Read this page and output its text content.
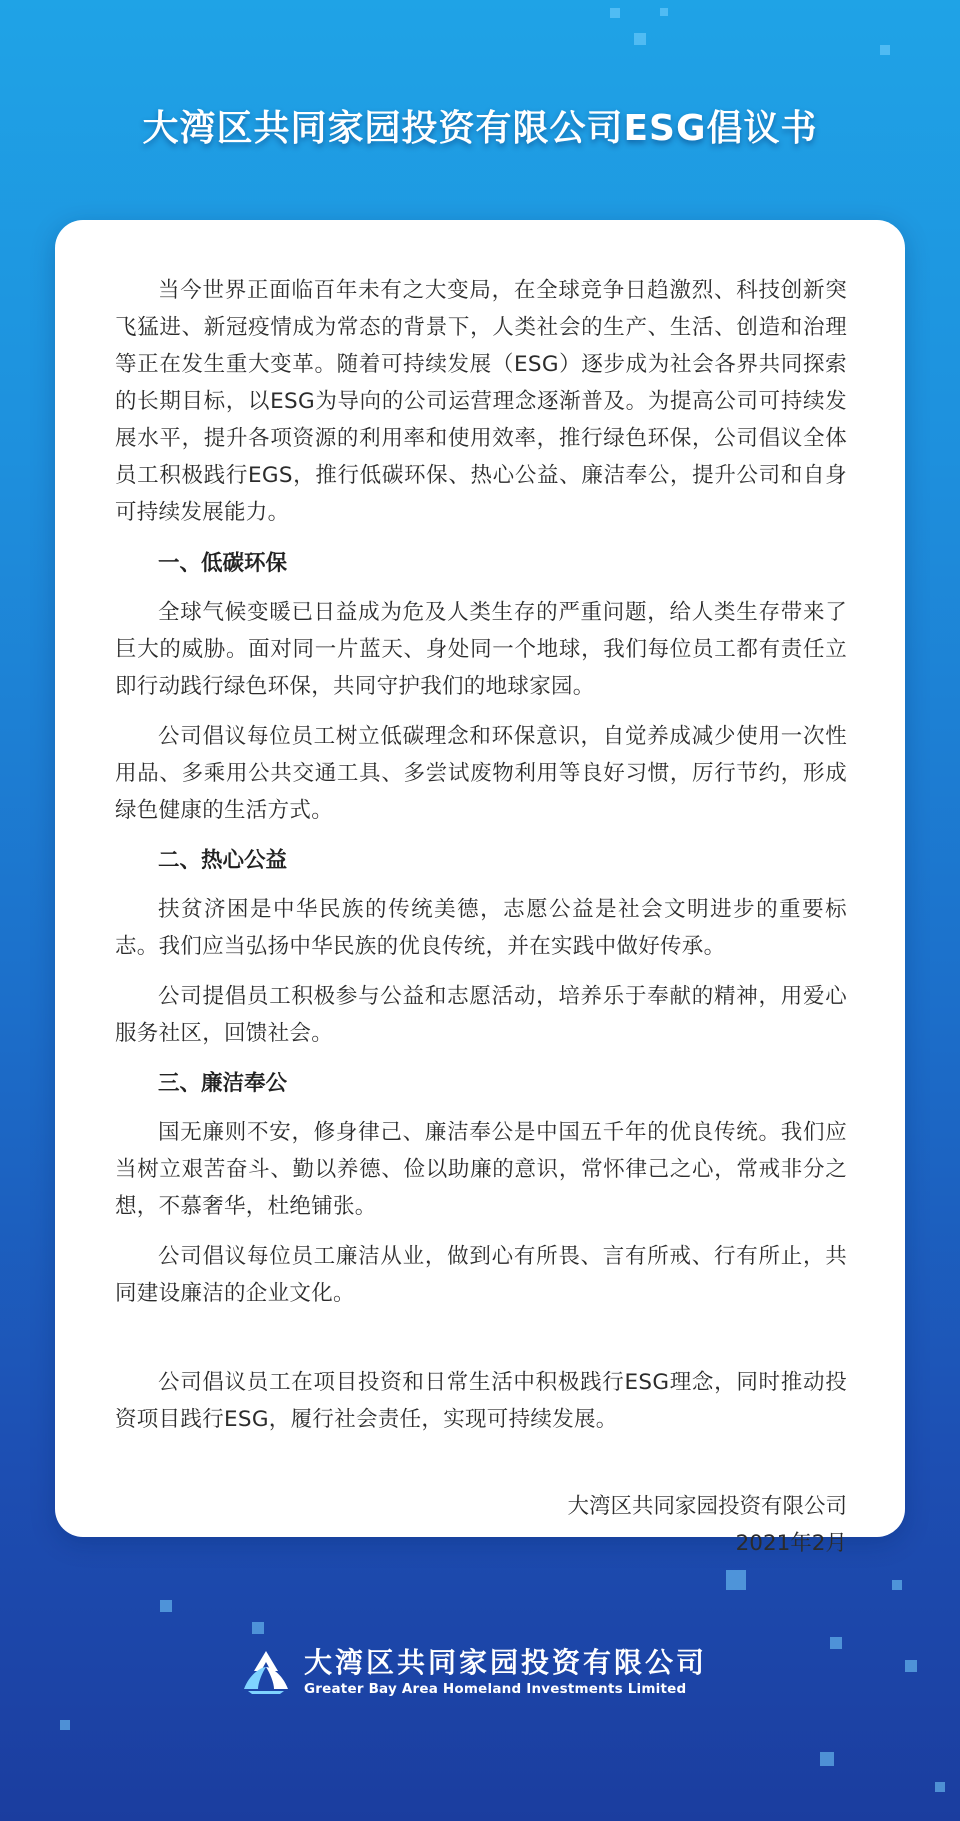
大湾区共同家园投资有限公司ESG倡议书

当今世界正面临百年未有之大变局，在全球竞争日趋激烈、科技创新突飞猛进、新冠疫情成为常态的背景下，人类社会的生产、生活、创造和治理等正在发生重大变革。随着可持续发展（ESG）逐步成为社会各界共同探索的长期目标，以ESG为导向的公司运营理念逐渐普及。为提高公司可持续发展水平，提升各项资源的利用率和使用效率，推行绿色环保，公司倡议全体员工积极践行EGS，推行低碳环保、热心公益、廉洁奉公，提升公司和自身可持续发展能力。

一、低碳环保

全球气候变暖已日益成为危及人类生存的严重问题，给人类生存带来了巨大的威胁。面对同一片蓝天、身处同一个地球，我们每位员工都有责任立即行动践行绿色环保，共同守护我们的地球家园。

公司倡议每位员工树立低碳理念和环保意识，自觉养成减少使用一次性用品、多乘用公共交通工具、多尝试废物利用等良好习惯，厉行节约，形成绿色健康的生活方式。

二、热心公益

扶贫济困是中华民族的传统美德，志愿公益是社会文明进步的重要标志。我们应当弘扬中华民族的优良传统，并在实践中做好传承。

公司提倡员工积极参与公益和志愿活动，培养乐于奉献的精神，用爱心服务社区，回馈社会。

三、廉洁奉公

国无廉则不安，修身律己、廉洁奉公是中国五千年的优良传统。我们应当树立艰苦奋斗、勤以养德、俭以助廉的意识，常怀律己之心，常戒非分之想，不慕奢华，杜绝铺张。

公司倡议每位员工廉洁从业，做到心有所畏、言有所戒、行有所止，共同建设廉洁的企业文化。

公司倡议员工在项目投资和日常生活中积极践行ESG理念，同时推动投资项目践行ESG，履行社会责任，实现可持续发展。

大湾区共同家园投资有限公司
2021年2月
大湾区共同家园投资有限公司
Greater Bay Area Homeland Investments Limited
